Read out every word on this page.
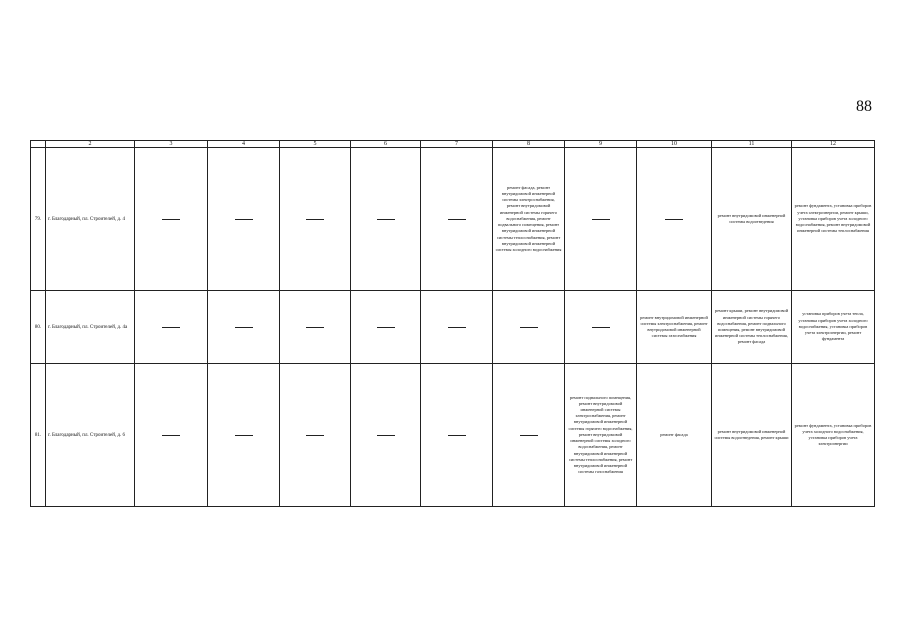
88
	2	3	4	5	6	7	8	9	10	11	12
79.	г. Благодарный, пл. Строителей, д. 4						ремонт фасада, ремонт внутридомовой инженерной системы электроснабжения, ремонт внутридомовой инженерной системы горячего водоснабжения, ремонт подвального помещения, ремонт внутридомовой инженерной системы теплоснабжения, ремонт внутридомовой инженерной системы холодного водоснабжения			ремонт внутридомовой инженерной системы водоотведения	ремонт фундамента, установка приборов учета электроэнергии, ремонт крыши, установка приборов учета холодного водоснабжения, ремонт внутридомовой инженерной системы теплоснабжения
80.	г. Благодарный, пл. Строителей, д. 4а								ремонт внутридомовой инженерной системы электроснабжения, ремонт внутридомовой инженерной системы газоснабжения	ремонт крыши, ремонт внутридомовой инженерной системы горячего водоснабжения, ремонт подвального помещения, ремонт внутридомовой инженерной системы теплоснабжения, ремонт фасада	установка приборов учета тепла, установка приборов учета холодного водоснабжения, установка приборов учета электроэнергии, ремонт фундамента
81.	г. Благодарный, пл. Строителей, д. 6							ремонт подвального помещения, ремонт внутридомовой инженерной системы электроснабжения, ремонт внутридомовой инженерной системы горячего водоснабжения, ремонт внутридомовой инженерной системы холодного водоснабжения, ремонт внутридомовой инженерной системы теплоснабжения, ремонт внутридомовой инженерной системы газоснабжения	ремонт фасада	ремонт внутридомовой инженерной системы водоотведения, ремонт крыши	ремонт фундамента, установка приборов учета холодного водоснабжения, установка приборов учета электроэнергии
